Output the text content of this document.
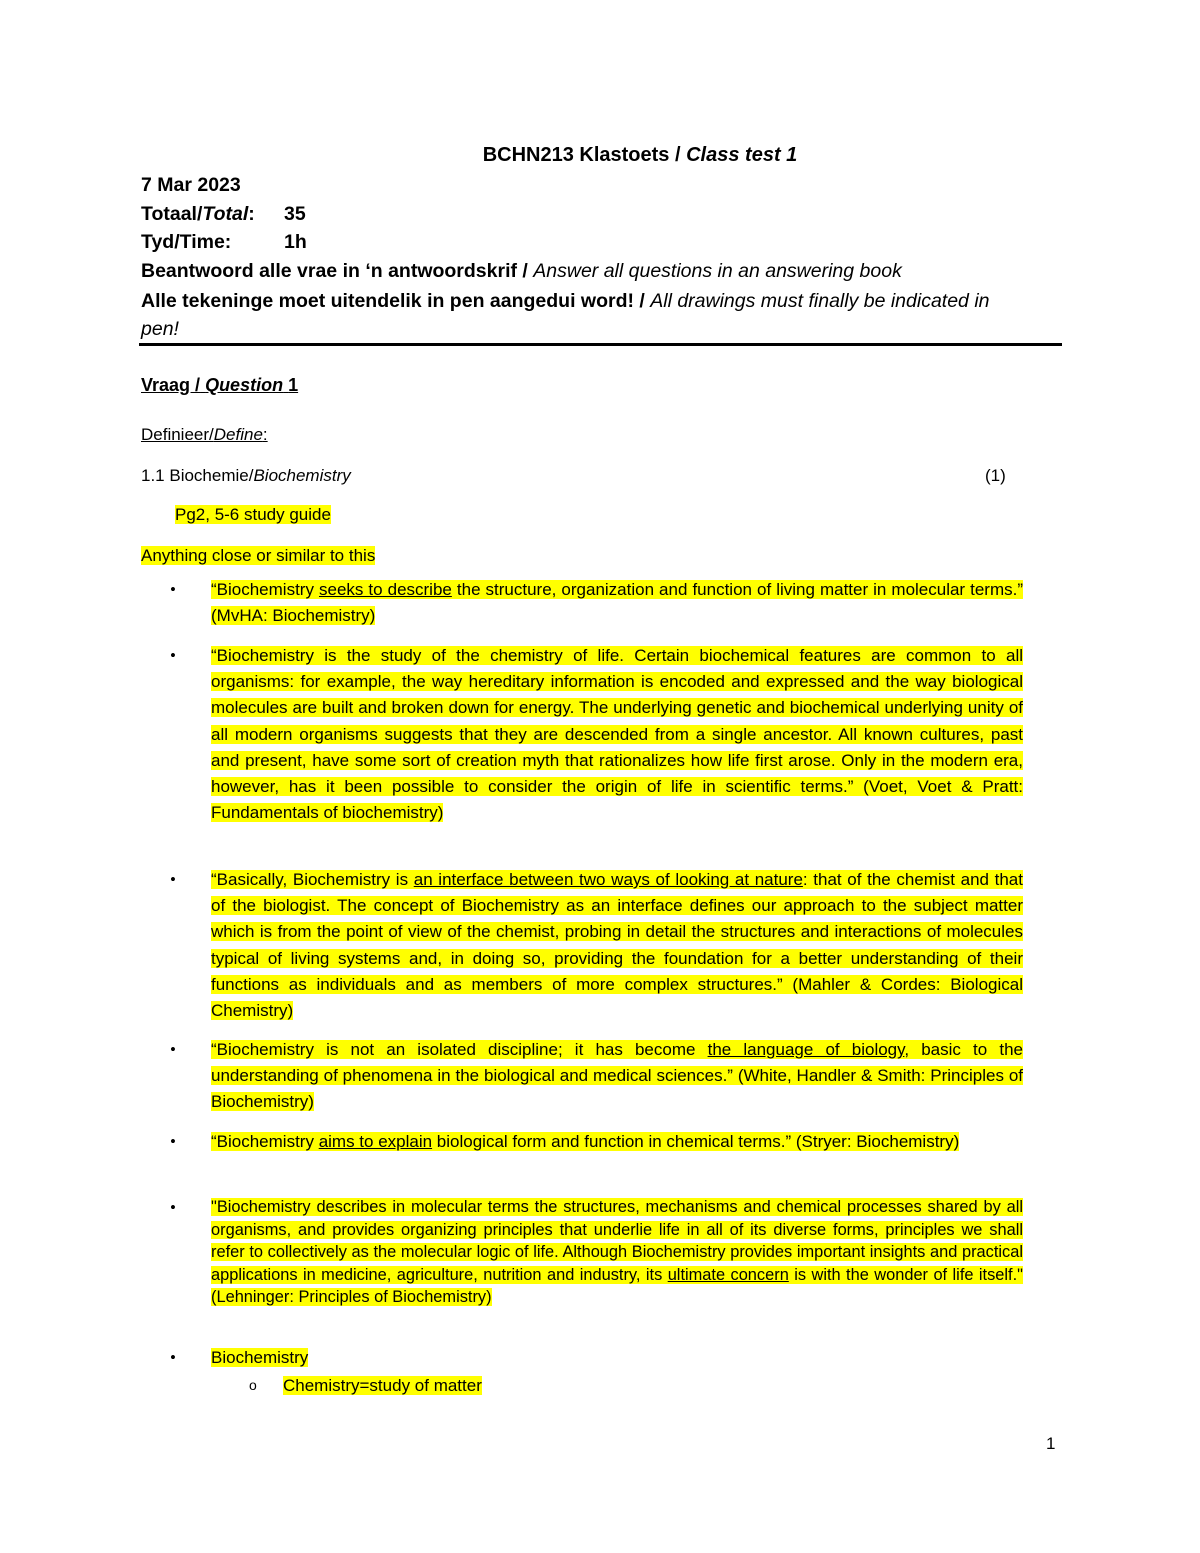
BCHN213 Klastoets / Class test 1
7 Mar 2023
Totaal/Total: 35
Tyd/Time:	1h
Beantwoord alle vrae in ‘n antwoordskrif / Answer all questions in an answering book
Alle tekeninge moet uitendelik in pen aangedui word! / All drawings must finally be indicated in
pen!
Vraag / Question 1
Definieer/Define:
1.1 Biochemie/Biochemistry	(1)
Pg2, 5-6 study guide
Anything close or similar to this
• “Biochemistry seeks to describe the structure, organization and function of living matter in molecular terms.” (MvHA: Biochemistry)
• “Biochemistry is the study of the chemistry of life. Certain biochemical features are common to all organisms: for example, the way hereditary information is encoded and expressed and the way biological molecules are built and broken down for energy. The underlying genetic and biochemical underlying unity of all modern organisms suggests that they are descended from a single ancestor. All known cultures, past and present, have some sort of creation myth that rationalizes how life first arose. Only in the modern era, however, has it been possible to consider the origin of life in scientific terms.” (Voet, Voet & Pratt: Fundamentals of biochemistry)
• “Basically, Biochemistry is an interface between two ways of looking at nature: that of the chemist and that of the biologist. The concept of Biochemistry as an interface defines our approach to the subject matter which is from the point of view of the chemist, probing in detail the structures and interactions of molecules typical of living systems and, in doing so, providing the foundation for a better understanding of their functions as individuals and as members of more complex structures.” (Mahler & Cordes: Biological Chemistry)
• “Biochemistry is not an isolated discipline; it has become the language of biology, basic to the understanding of phenomena in the biological and medical sciences.” (White, Handler & Smith: Principles of Biochemistry)
• “Biochemistry aims to explain biological form and function in chemical terms.” (Stryer: Biochemistry)
• "Biochemistry describes in molecular terms the structures, mechanisms and chemical processes shared by all organisms, and provides organizing principles that underlie life in all of its diverse forms, principles we shall refer to collectively as the molecular logic of life. Although Biochemistry provides important insights and practical applications in medicine, agriculture, nutrition and industry, its ultimate concern is with the wonder of life itself." (Lehninger: Principles of Biochemistry)
• Biochemistry
o Chemistry=study of matter
1
